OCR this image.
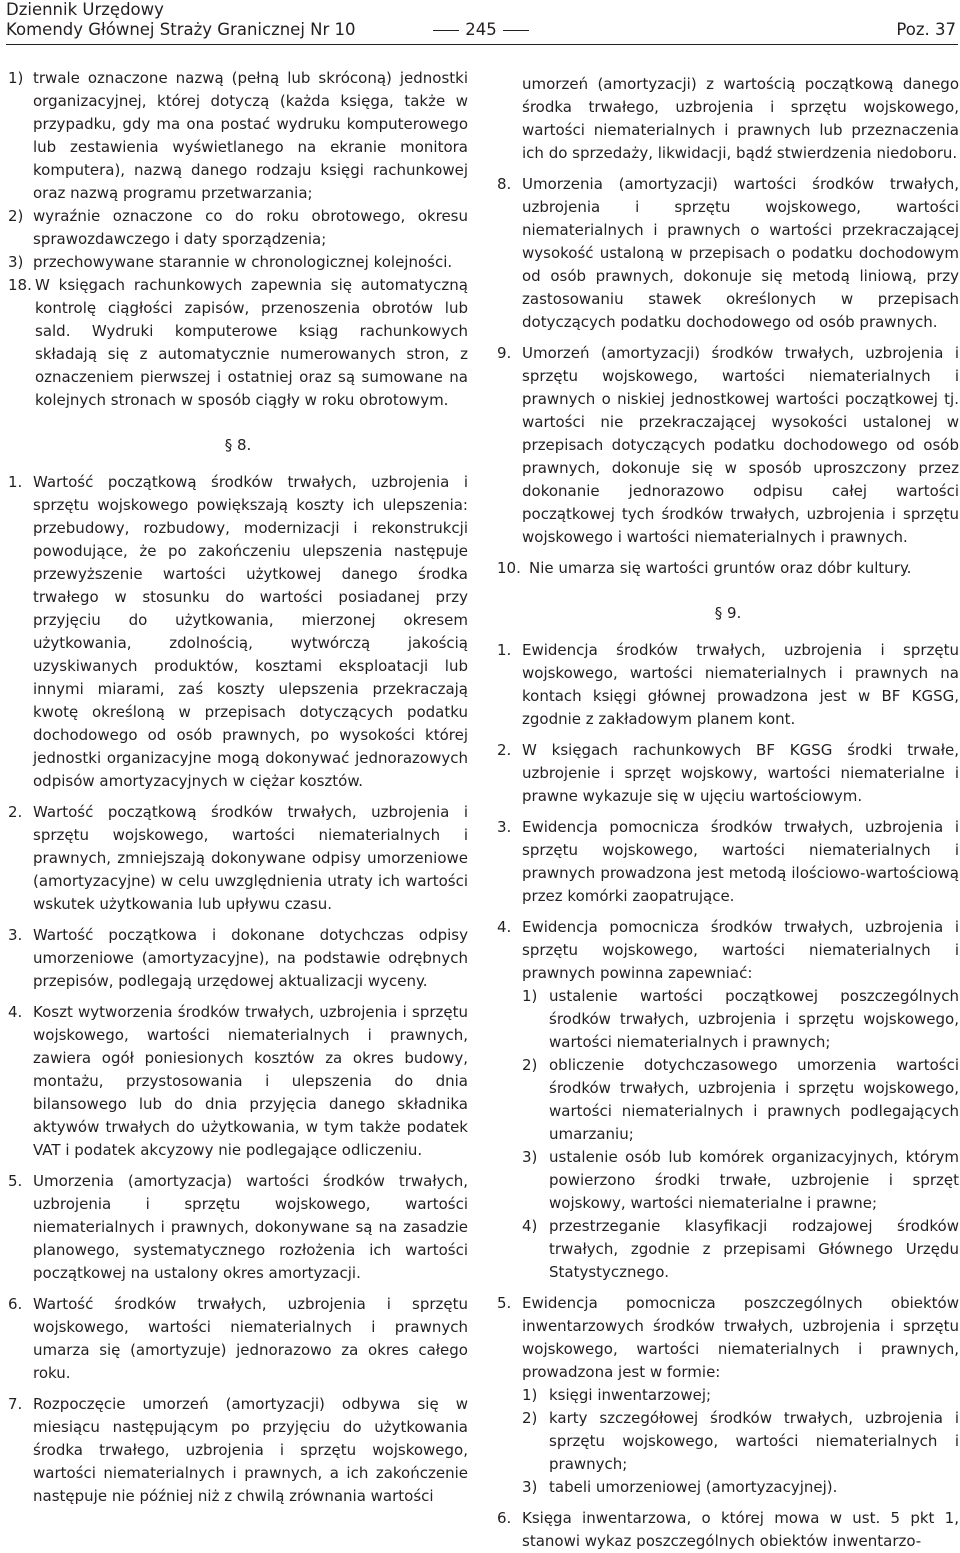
Dziennik Urzędowy
Komendy Głównej Straży Granicznej Nr 10	245	Poz. 37
1) trwale oznaczone nazwą (pełną lub skróconą) jednostki organizacyjnej, której dotyczą (każda księga, także w przypadku, gdy ma ona postać wydruku komputerowego lub zestawienia wyświetlanego na ekranie monitora komputera), nazwą danego rodzaju księgi rachunkowej oraz nazwą programu przetwarzania;
2) wyraźnie oznaczone co do roku obrotowego, okresu sprawozdawczego i daty sporządzenia;
3) przechowywane starannie w chronologicznej kolejności.
18. W księgach rachunkowych zapewnia się automatyczną kontrolę ciągłości zapisów, przenoszenia obrotów lub sald. Wydruki komputerowe ksiąg rachunkowych składają się z automatycznie numerowanych stron, z oznaczeniem pierwszej i ostatniej oraz są sumowane na kolejnych stronach w sposób ciągły w roku obrotowym.
§ 8.
1. Wartość początkową środków trwałych, uzbrojenia i sprzętu wojskowego powiększają koszty ich ulepszenia: przebudowy, rozbudowy, modernizacji i rekonstrukcji powodujące, że po zakończeniu ulepszenia następuje przewyższenie wartości użytkowej danego środka trwałego w stosunku do wartości posiadanej przy przyjęciu do użytkowania, mierzonej okresem użytkowania, zdolnością, wytwórczą jakością uzyskiwanych produktów, kosztami eksploatacji lub innymi miarami, zaś koszty ulepszenia przekraczają kwotę określoną w przepisach dotyczących podatku dochodowego od osób prawnych, po wysokości której jednostki organizacyjne mogą dokonywać jednorazowych odpisów amortyzacyjnych w ciężar kosztów.
2. Wartość początkową środków trwałych, uzbrojenia i sprzętu wojskowego, wartości niematerialnych i prawnych, zmniejszają dokonywane odpisy umorzeniowe (amortyzacyjne) w celu uwzględnienia utraty ich wartości wskutek użytkowania lub upływu czasu.
3. Wartość początkowa i dokonane dotychczas odpisy umorzeniowe (amortyzacyjne), na podstawie odrębnych przepisów, podlegają urzędowej aktualizacji wyceny.
4. Koszt wytworzenia środków trwałych, uzbrojenia i sprzętu wojskowego, wartości niematerialnych i prawnych, zawiera ogół poniesionych kosztów za okres budowy, montażu, przystosowania i ulepszenia do dnia bilansowego lub do dnia przyjęcia danego składnika aktywów trwałych do użytkowania, w tym także podatek VAT i podatek akcyzowy nie podlegające odliczeniu.
5. Umorzenia (amortyzacja) wartości środków trwałych, uzbrojenia i sprzętu wojskowego, wartości niematerialnych i prawnych, dokonywane są na zasadzie planowego, systematycznego rozłożenia ich wartości początkowej na ustalony okres amortyzacji.
6. Wartość środków trwałych, uzbrojenia i sprzętu wojskowego, wartości niematerialnych i prawnych umarza się (amortyzuje) jednorazowo za okres całego roku.
7. Rozpoczęcie umorzeń (amortyzacji) odbywa się w miesiącu następującym po przyjęciu do użytkowania środka trwałego, uzbrojenia i sprzętu wojskowego, wartości niematerialnych i prawnych, a ich zakończenie następuje nie później niż z chwilą zrównania wartości
umorzeń (amortyzacji) z wartością początkową danego środka trwałego, uzbrojenia i sprzętu wojskowego, wartości niematerialnych i prawnych lub przeznaczenia ich do sprzedaży, likwidacji, bądź stwierdzenia niedoboru.
8. Umorzenia (amortyzacji) wartości środków trwałych, uzbrojenia i sprzętu wojskowego, wartości niematerialnych i prawnych o wartości przekraczającej wysokość ustaloną w przepisach o podatku dochodowym od osób prawnych, dokonuje się metodą liniową, przy zastosowaniu stawek określonych w przepisach dotyczących podatku dochodowego od osób prawnych.
9. Umorzeń (amortyzacji) środków trwałych, uzbrojenia i sprzętu wojskowego, wartości niematerialnych i prawnych o niskiej jednostkowej wartości początkowej tj. wartości nie przekraczającej wysokości ustalonej w przepisach dotyczących podatku dochodowego od osób prawnych, dokonuje się w sposób uproszczony przez dokonanie jednorazowo odpisu całej wartości początkowej tych środków trwałych, uzbrojenia i sprzętu wojskowego i wartości niematerialnych i prawnych.
10. Nie umarza się wartości gruntów oraz dóbr kultury.
§ 9.
1. Ewidencja środków trwałych, uzbrojenia i sprzętu wojskowego, wartości niematerialnych i prawnych na kontach księgi głównej prowadzona jest w BF KGSG, zgodnie z zakładowym planem kont.
2. W księgach rachunkowych BF KGSG środki trwałe, uzbrojenie i sprzęt wojskowy, wartości niematerialne i prawne wykazuje się w ujęciu wartościowym.
3. Ewidencja pomocnicza środków trwałych, uzbrojenia i sprzętu wojskowego, wartości niematerialnych i prawnych prowadzona jest metodą ilościowo-wartościową przez komórki zaopatrujące.
4. Ewidencja pomocnicza środków trwałych, uzbrojenia i sprzętu wojskowego, wartości niematerialnych i prawnych powinna zapewniać:
1) ustalenie wartości początkowej poszczególnych środków trwałych, uzbrojenia i sprzętu wojskowego, wartości niematerialnych i prawnych;
2) obliczenie dotychczasowego umorzenia wartości środków trwałych, uzbrojenia i sprzętu wojskowego, wartości niematerialnych i prawnych podlegających umarzaniu;
3) ustalenie osób lub komórek organizacyjnych, którym powierzono środki trwałe, uzbrojenie i sprzęt wojskowy, wartości niematerialne i prawne;
4) przestrzeganie klasyfikacji rodzajowej środków trwałych, zgodnie z przepisami Głównego Urzędu Statystycznego.
5. Ewidencja pomocnicza poszczególnych obiektów inwentarzowych środków trwałych, uzbrojenia i sprzętu wojskowego, wartości niematerialnych i prawnych, prowadzona jest w formie:
1) księgi inwentarzowej;
2) karty szczegółowej środków trwałych, uzbrojenia i sprzętu wojskowego, wartości niematerialnych i prawnych;
3) tabeli umorzeniowej (amortyzacyjnej).
6. Księga inwentarzowa, o której mowa w ust. 5 pkt 1, stanowi wykaz poszczególnych obiektów inwentarzo-
